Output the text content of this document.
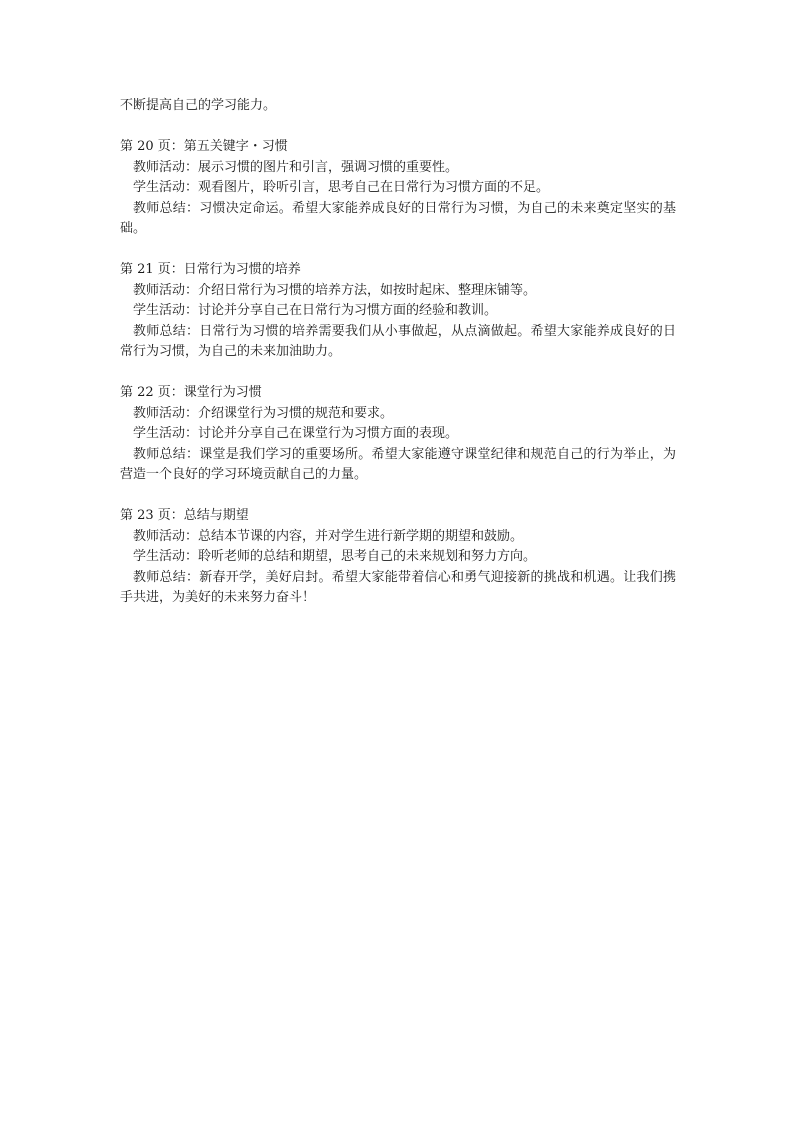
不断提高自己的学习能力。
第 20 页：第五关键字・习惯
教师活动：展示习惯的图片和引言，强调习惯的重要性。
学生活动：观看图片，聆听引言，思考自己在日常行为习惯方面的不足。
教师总结：习惯决定命运。希望大家能养成良好的日常行为习惯，为自己的未来奠定坚实的基础。
第 21 页：日常行为习惯的培养
教师活动：介绍日常行为习惯的培养方法，如按时起床、整理床铺等。
学生活动：讨论并分享自己在日常行为习惯方面的经验和教训。
教师总结：日常行为习惯的培养需要我们从小事做起，从点滴做起。希望大家能养成良好的日常行为习惯，为自己的未来加油助力。
第 22 页：课堂行为习惯
教师活动：介绍课堂行为习惯的规范和要求。
学生活动：讨论并分享自己在课堂行为习惯方面的表现。
教师总结：课堂是我们学习的重要场所。希望大家能遵守课堂纪律和规范自己的行为举止，为营造一个良好的学习环境贡献自己的力量。
第 23 页：总结与期望
教师活动：总结本节课的内容，并对学生进行新学期的期望和鼓励。
学生活动：聆听老师的总结和期望，思考自己的未来规划和努力方向。
教师总结：新春开学，美好启封。希望大家能带着信心和勇气迎接新的挑战和机遇。让我们携手共进，为美好的未来努力奋斗！
